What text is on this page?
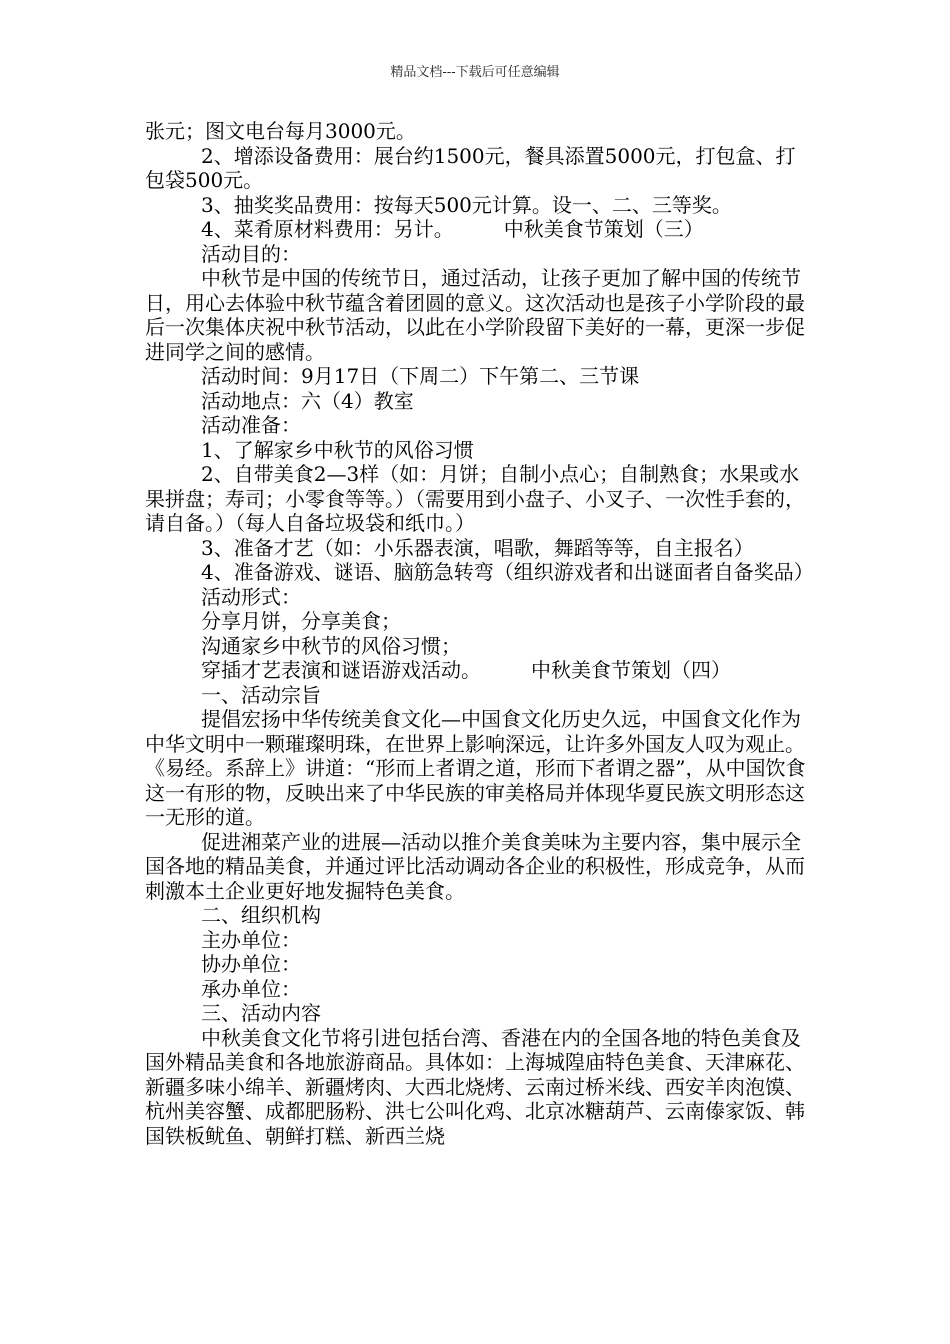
精品文档---下载后可任意编辑

张元；图文电台每月3000元。

2、增添设备费用：展台约1500元，餐具添置5000元，打包盒、打包袋500元。

3、抽奖奖品费用：按每天500元计算。设一、二、三等奖。

4、菜肴原材料费用：另计。　　　中秋美食节策划（三）

活动目的：

中秋节是中国的传统节日，通过活动，让孩子更加了解中国的传统节日，用心去体验中秋节蕴含着团圆的意义。这次活动也是孩子小学阶段的最后一次集体庆祝中秋节活动，以此在小学阶段留下美好的一幕，更深一步促进同学之间的感情。

活动时间：9月17日（下周二）下午第二、三节课

活动地点：六（4）教室

活动准备：

1、了解家乡中秋节的风俗习惯

2、自带美食2—3样（如：月饼；自制小点心；自制熟食；水果或水果拼盘；寿司；小零食等等。）（需要用到小盘子、小叉子、一次性手套的，请自备。）（每人自备垃圾袋和纸巾。）

3、准备才艺（如：小乐器表演，唱歌，舞蹈等等，自主报名）

4、准备游戏、谜语、脑筋急转弯（组织游戏者和出谜面者自备奖品）

活动形式：

分享月饼，分享美食；

沟通家乡中秋节的风俗习惯；

穿插才艺表演和谜语游戏活动。　　　中秋美食节策划（四）

一、活动宗旨

提倡宏扬中华传统美食文化—中国食文化历史久远，中国食文化作为中华文明中一颗璀璨明珠，在世界上影响深远，让许多外国友人叹为观止。《易经。系辞上》讲道：“形而上者谓之道，形而下者谓之器”，从中国饮食这一有形的物，反映出来了中华民族的审美格局并体现华夏民族文明形态这一无形的道。

促进湘菜产业的进展—活动以推介美食美味为主要内容，集中展示全国各地的精品美食，并通过评比活动调动各企业的积极性，形成竞争，从而刺激本土企业更好地发掘特色美食。

二、组织机构

主办单位：

协办单位：

承办单位：

三、活动内容

中秋美食文化节将引进包括台湾、香港在内的全国各地的特色美食及国外精品美食和各地旅游商品。具体如：上海城隍庙特色美食、天津麻花、新疆多味小绵羊、新疆烤肉、大西北烧烤、云南过桥米线、西安羊肉泡馍、杭州美容蟹、成都肥肠粉、洪七公叫化鸡、北京冰糖葫芦、云南傣家饭、韩国铁板鱿鱼、朝鲜打糕、新西兰烧
